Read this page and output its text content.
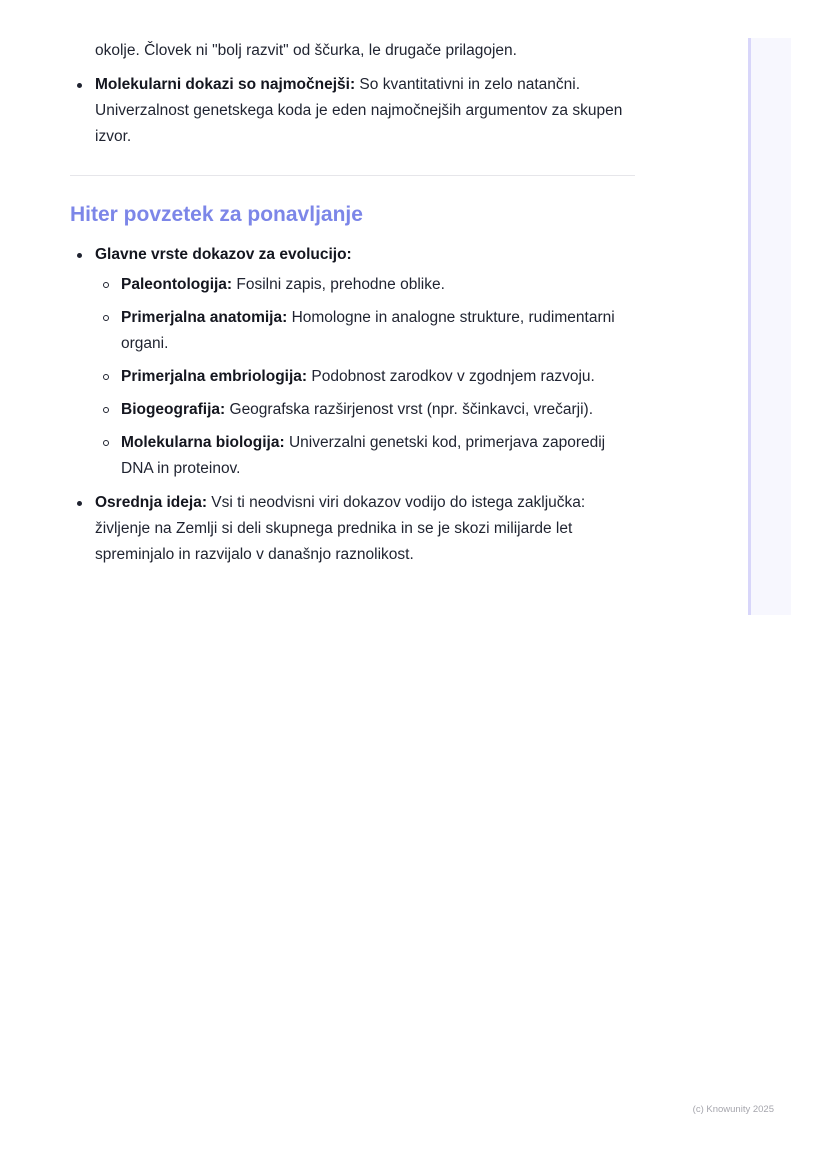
okolje. Človek ni "bolj razvit" od ščurka, le drugače prilagojen.

Molekularni dokazi so najmočnejši: So kvantitativni in zelo natančni. Univerzalnost genetskega koda je eden najmočnejših argumentov za skupen izvor.
Hiter povzetek za ponavljanje
Glavne vrste dokazov za evolucijo:
Paleontologija: Fosilni zapis, prehodne oblike.
Primerjalna anatomija: Homologne in analogne strukture, rudimentarni organi.
Primerjalna embriologija: Podobnost zarodkov v zgodnjem razvoju.
Biogeografija: Geografska razširjenost vrst (npr. ščinkavci, vrečarji).
Molekularna biologija: Univerzalni genetski kod, primerjava zaporedij DNA in proteinov.
Osrednja ideja: Vsi ti neodvisni viri dokazov vodijo do istega zaključka: življenje na Zemlji si deli skupnega prednika in se je skozi milijarde let spreminjalo in razvijalo v današnjo raznolikost.
(c) Knowunity 2025
